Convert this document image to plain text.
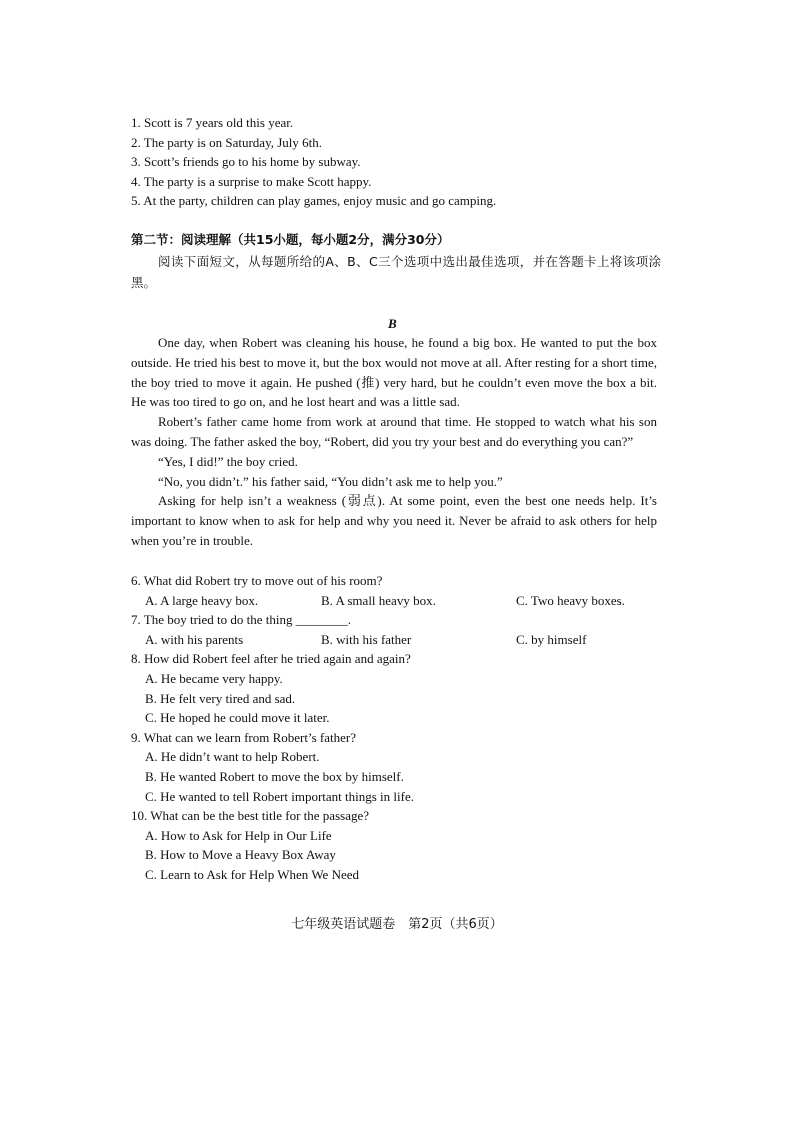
1. Scott is 7 years old this year.
2. The party is on Saturday, July 6th.
3. Scott’s friends go to his home by subway.
4. The party is a surprise to make Scott happy.
5. At the party, children can play games, enjoy music and go camping.
第二节：阅读理解（共15小题，每小题2分，满分30分）
阅读下面短文，从每题所给的A、B、C三个选项中选出最佳选项，并在答题卡上将该项涂黑。
B

One day, when Robert was cleaning his house, he found a big box. He wanted to put the box outside. He tried his best to move it, but the box would not move at all. After resting for a short time, the boy tried to move it again. He pushed (推) very hard, but he couldn’t even move the box a bit. He was too tired to go on, and he lost heart and was a little sad.

Robert’s father came home from work at around that time. He stopped to watch what his son was doing. The father asked the boy, “Robert, did you try your best and do everything you can?”

“Yes, I did!” the boy cried.

“No, you didn’t.” his father said, “You didn’t ask me to help you.”

Asking for help isn’t a weakness (弱点). At some point, even the best one needs help. It’s important to know when to ask for help and why you need it. Never be afraid to ask others for help when you’re in trouble.

6. What did Robert try to move out of his room?
A. A large heavy box.	B. A small heavy box.	C. Two heavy boxes.
7. The boy tried to do the thing ________.
A. with his parents	B. with his father	C. by himself
8. How did Robert feel after he tried again and again?
A. He became very happy.
B. He felt very tired and sad.
C. He hoped he could move it later.
9. What can we learn from Robert’s father?
A. He didn’t want to help Robert.
B. He wanted Robert to move the box by himself.
C. He wanted to tell Robert important things in life.
10. What can be the best title for the passage?
A. How to Ask for Help in Our Life
B. How to Move a Heavy Box Away
C. Learn to Ask for Help When We Need
七年级英语试题卷　第2页（共6页）
